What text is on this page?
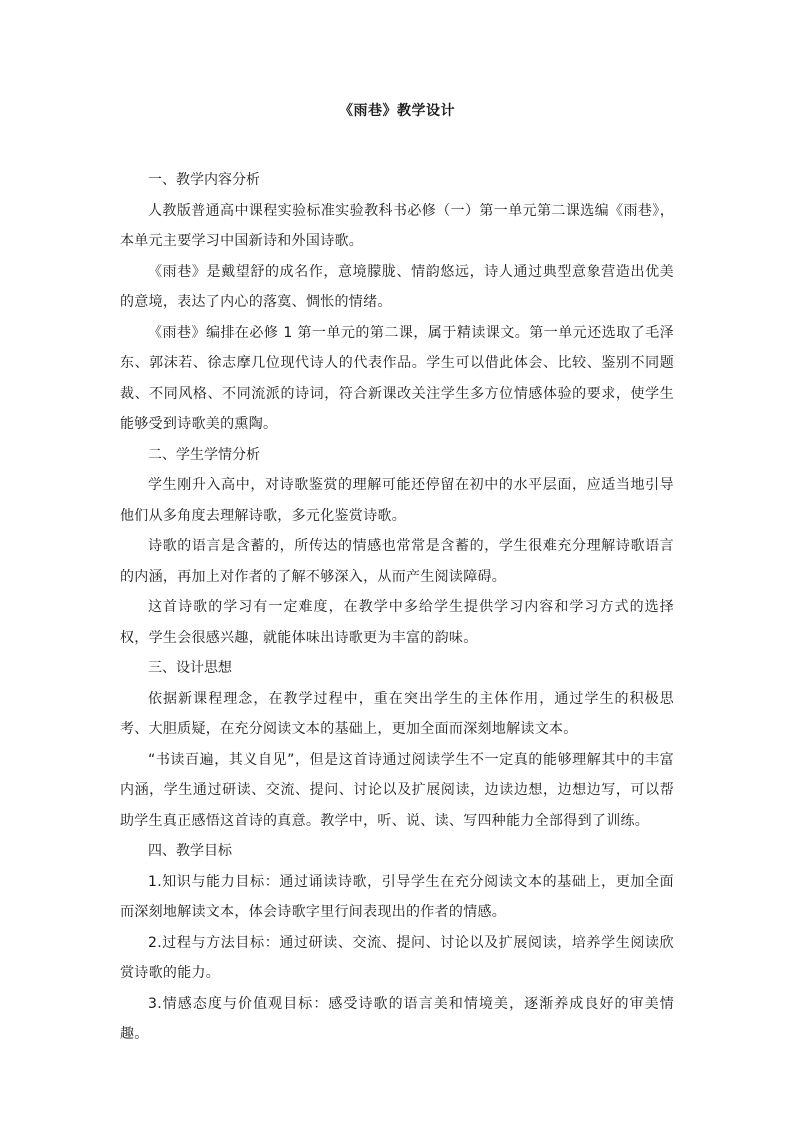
《雨巷》教学设计

一、教学内容分析

人教版普通高中课程实验标准实验教科书必修（一）第一单元第二课选编《雨巷》，本单元主要学习中国新诗和外国诗歌。

《雨巷》是戴望舒的成名作，意境朦胧、情韵悠远，诗人通过典型意象营造出优美的意境，表达了内心的落寞、惆怅的情绪。

《雨巷》编排在必修 1 第一单元的第二课，属于精读课文。第一单元还选取了毛泽东、郭沫若、徐志摩几位现代诗人的代表作品。学生可以借此体会、比较、鉴别不同题裁、不同风格、不同流派的诗词，符合新课改关注学生多方位情感体验的要求，使学生能够受到诗歌美的熏陶。

二、学生学情分析

学生刚升入高中，对诗歌鉴赏的理解可能还停留在初中的水平层面，应适当地引导他们从多角度去理解诗歌，多元化鉴赏诗歌。

诗歌的语言是含蓄的，所传达的情感也常常是含蓄的，学生很难充分理解诗歌语言的内涵，再加上对作者的了解不够深入，从而产生阅读障碍。

这首诗歌的学习有一定难度，在教学中多给学生提供学习内容和学习方式的选择权，学生会很感兴趣，就能体味出诗歌更为丰富的韵味。

三、设计思想

依据新课程理念，在教学过程中，重在突出学生的主体作用，通过学生的积极思考、大胆质疑，在充分阅读文本的基础上，更加全面而深刻地解读文本。

“书读百遍，其义自见”，但是这首诗通过阅读学生不一定真的能够理解其中的丰富内涵，学生通过研读、交流、提问、讨论以及扩展阅读，边读边想，边想边写，可以帮助学生真正感悟这首诗的真意。教学中，听、说、读、写四种能力全部得到了训练。

四、教学目标

1.知识与能力目标：通过诵读诗歌，引导学生在充分阅读文本的基础上，更加全面而深刻地解读文本，体会诗歌字里行间表现出的作者的情感。

2.过程与方法目标：通过研读、交流、提问、讨论以及扩展阅读，培养学生阅读欣赏诗歌的能力。

3.情感态度与价值观目标：感受诗歌的语言美和情境美，逐渐养成良好的审美情趣。
